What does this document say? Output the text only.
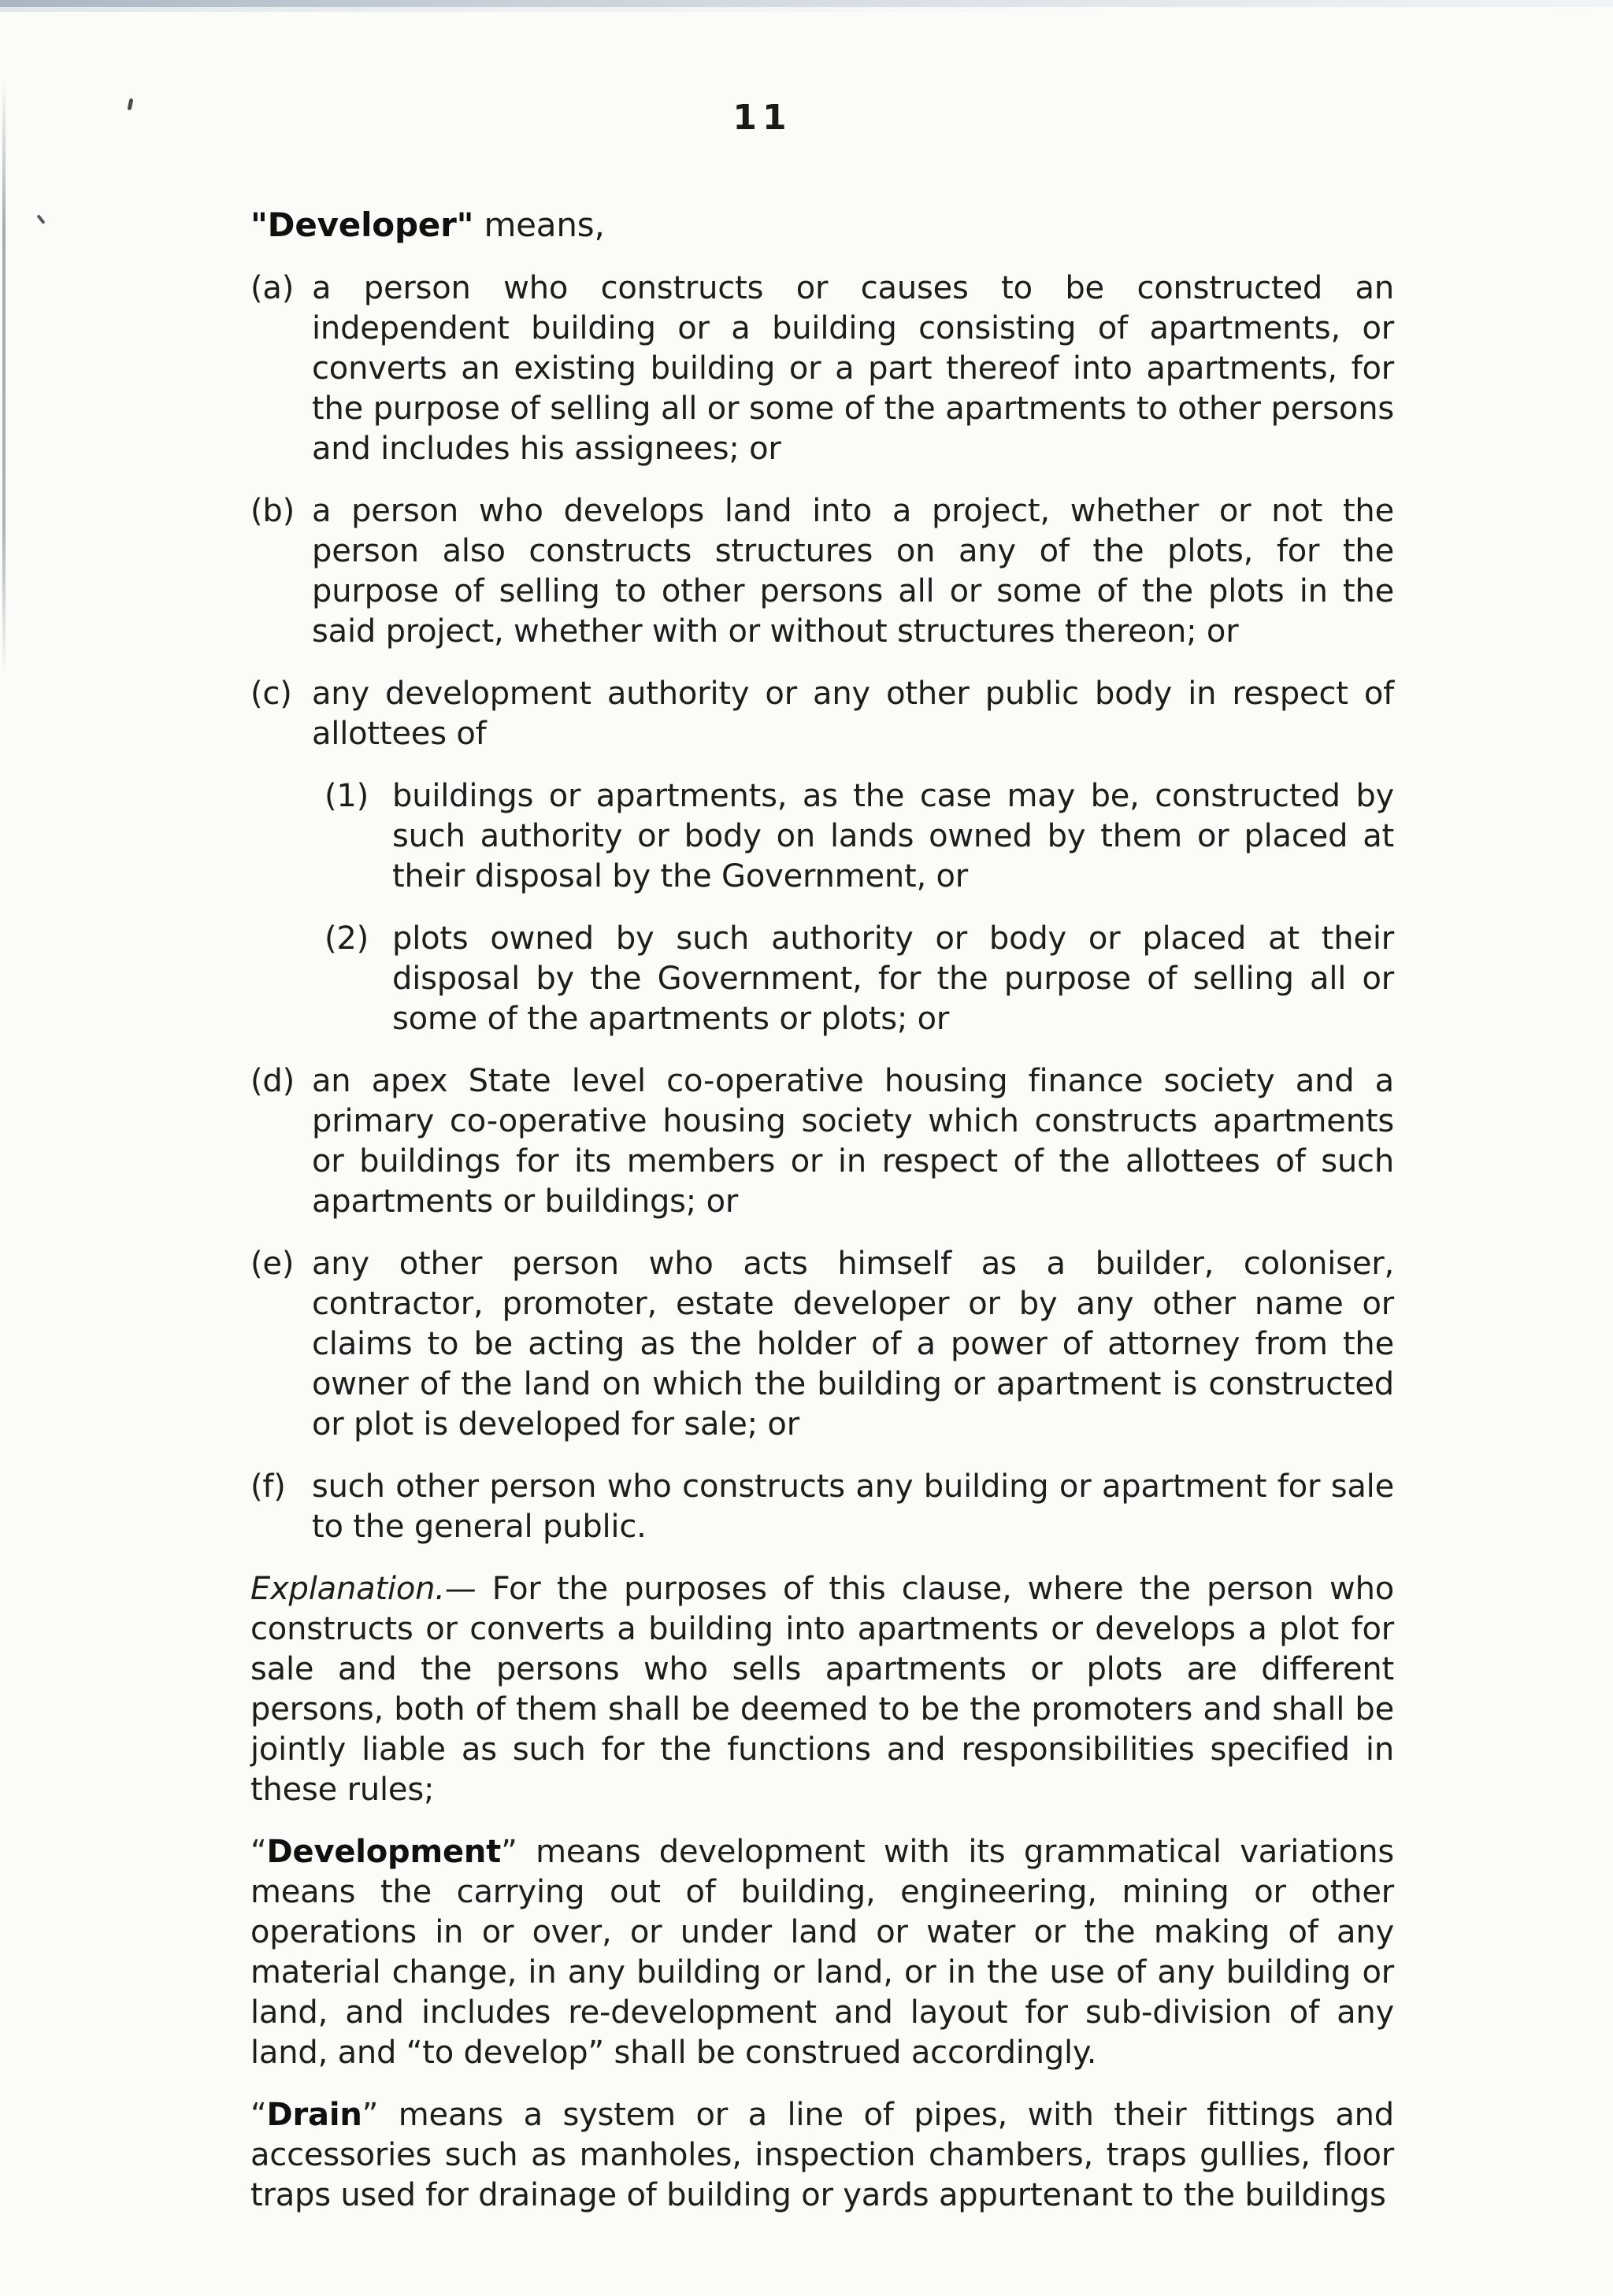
11

"Developer" means,

(a) a person who constructs or causes to be constructed an independent building or a building consisting of apartments, or converts an existing building or a part thereof into apartments, for the purpose of selling all or some of the apartments to other persons and includes his assignees; or
(b) a person who develops land into a project, whether or not the person also constructs structures on any of the plots, for the purpose of selling to other persons all or some of the plots in the said project, whether with or without structures thereon; or
(c) any development authority or any other public body in respect of allottees of
(1) buildings or apartments, as the case may be, constructed by such authority or body on lands owned by them or placed at their disposal by the Government, or
(2) plots owned by such authority or body or placed at their disposal by the Government, for the purpose of selling all or some of the apartments or plots; or
(d) an apex State level co-operative housing finance society and a primary co-operative housing society which constructs apartments or buildings for its members or in respect of the allottees of such apartments or buildings; or
(e) any other person who acts himself as a builder, coloniser, contractor, promoter, estate developer or by any other name or claims to be acting as the holder of a power of attorney from the owner of the land on which the building or apartment is constructed or plot is developed for sale; or
(f) such other person who constructs any building or apartment for sale to the general public.

Explanation.— For the purposes of this clause, where the person who constructs or converts a building into apartments or develops a plot for sale and the persons who sells apartments or plots are different persons, both of them shall be deemed to be the promoters and shall be jointly liable as such for the functions and responsibilities specified in these rules;

“Development” means development with its grammatical variations means the carrying out of building, engineering, mining or other operations in or over, or under land or water or the making of any material change, in any building or land, or in the use of any building or land, and includes re-development and layout for sub-division of any land, and “to develop” shall be construed accordingly.

“Drain” means a system or a line of pipes, with their fittings and accessories such as manholes, inspection chambers, traps gullies, floor traps used for drainage of building or yards appurtenant to the buildings
